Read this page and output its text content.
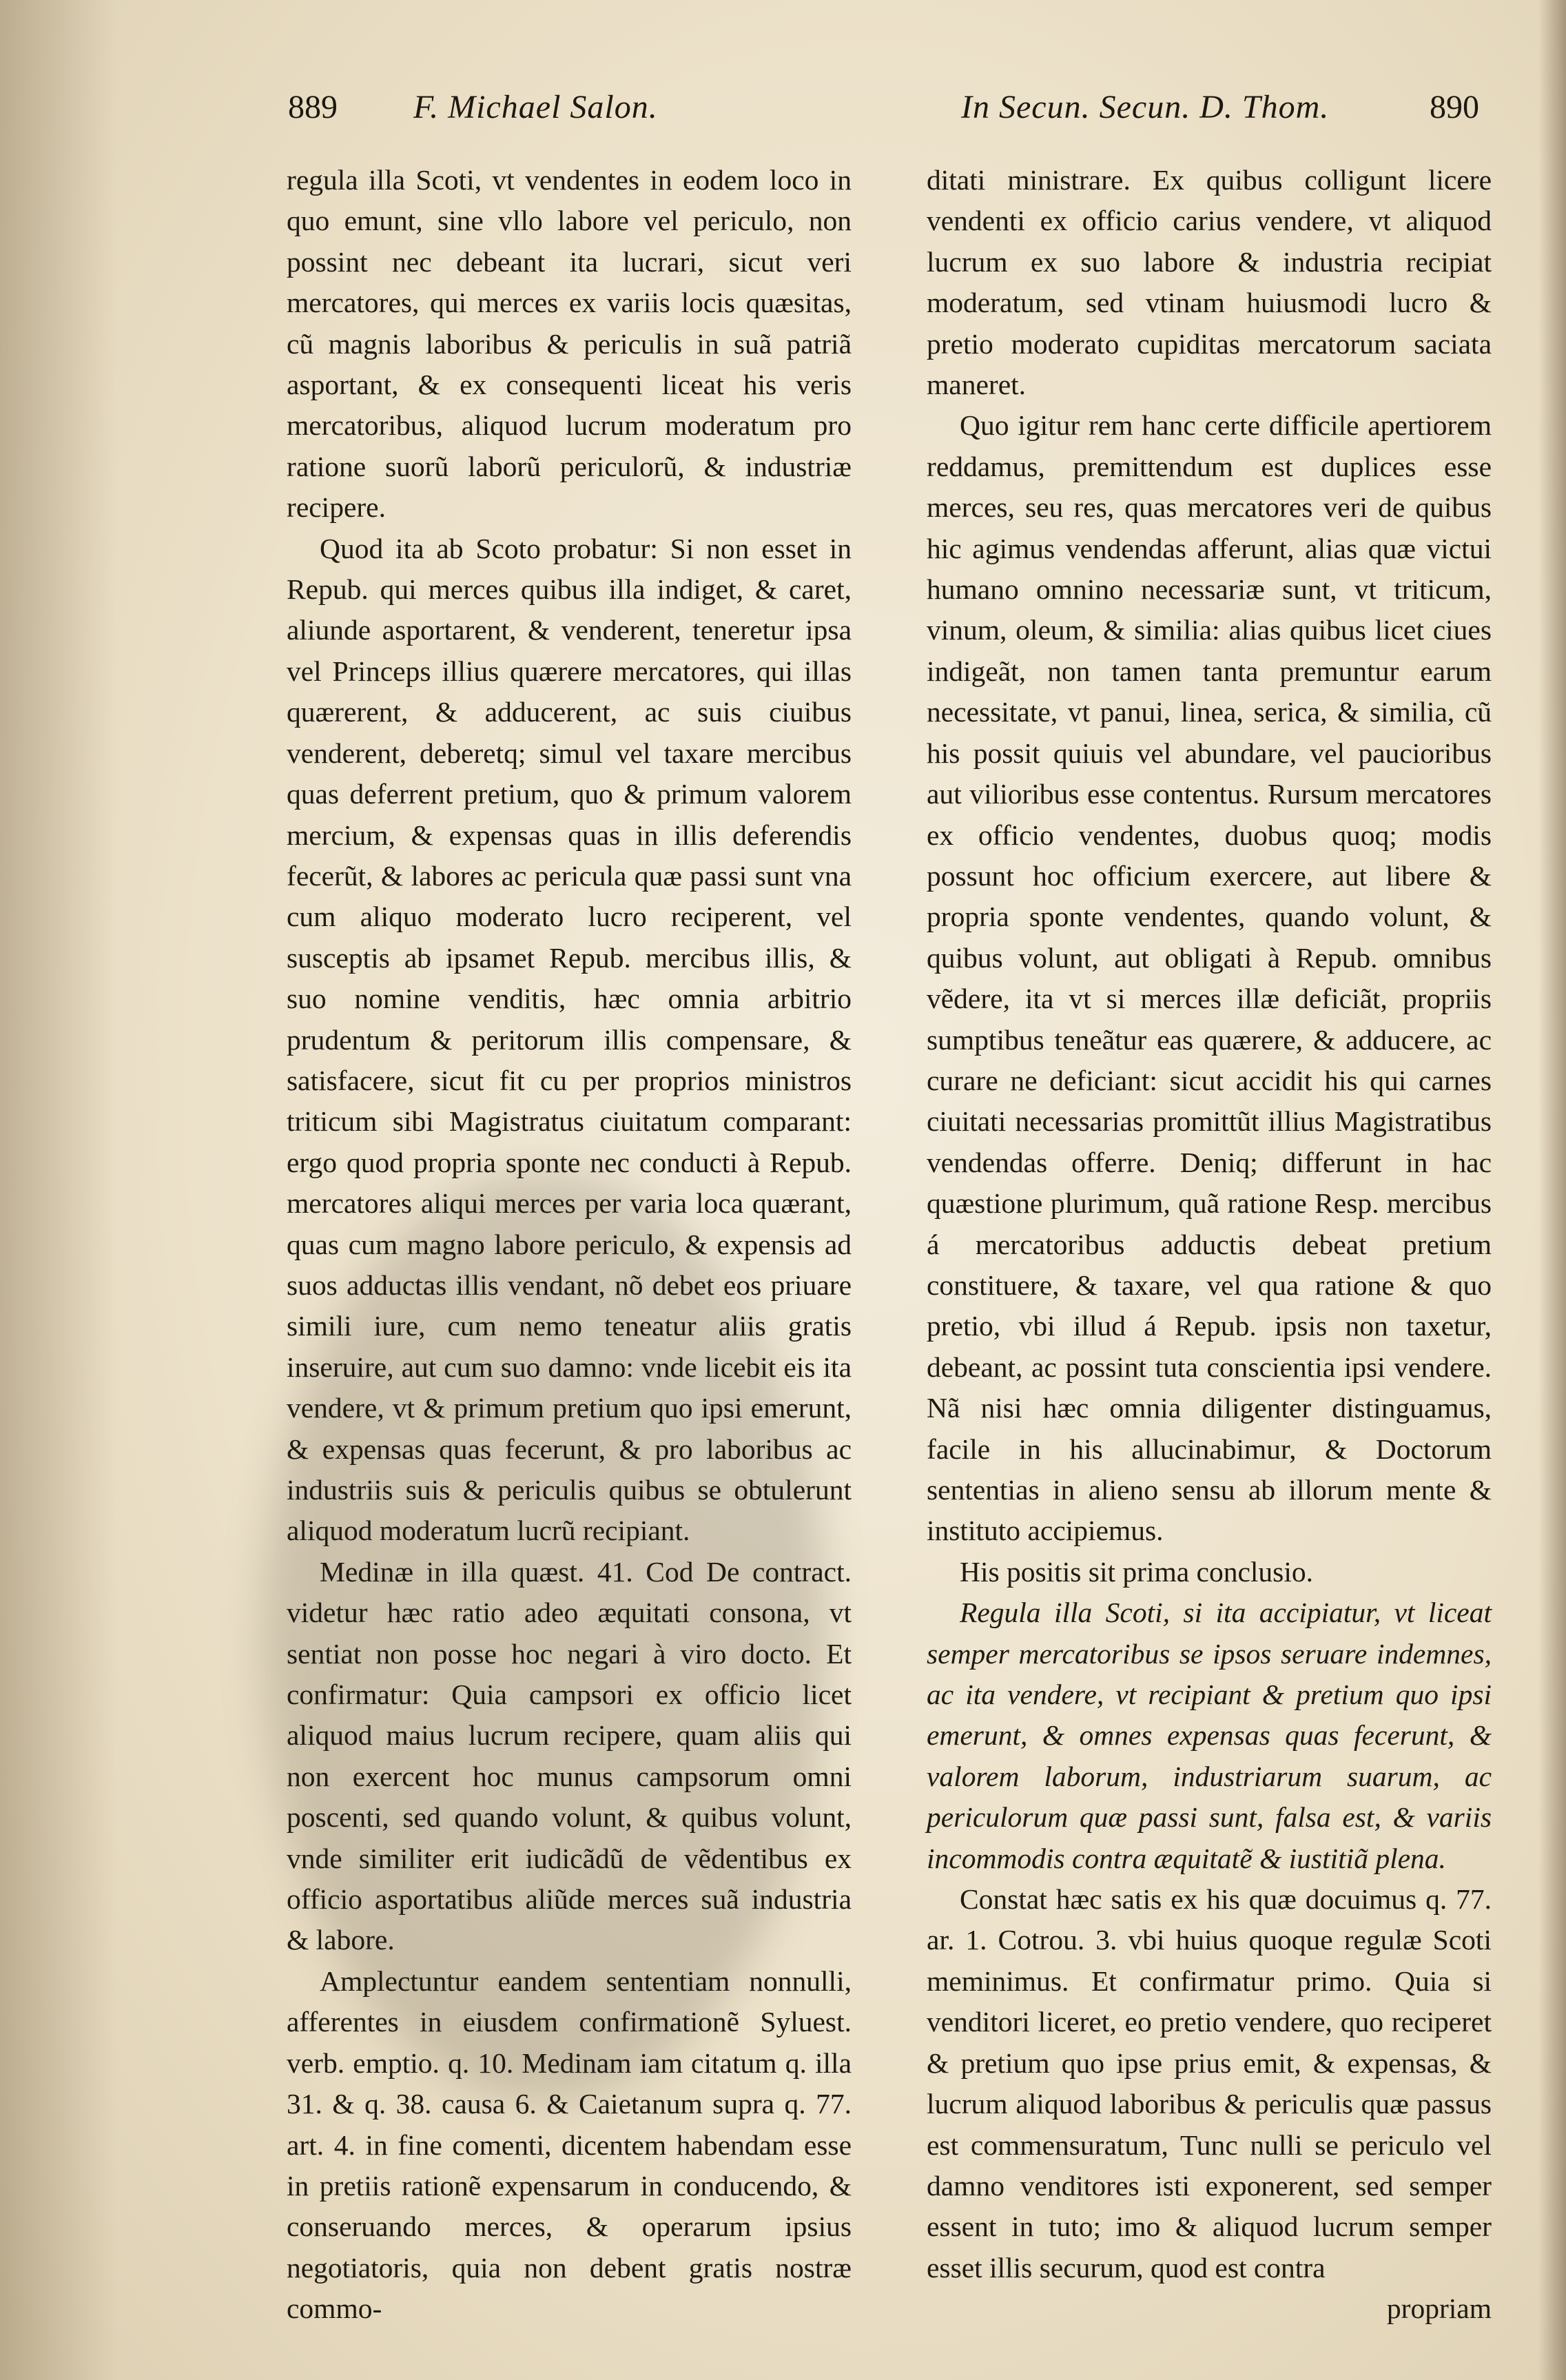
889 F. Michael Salon.	In Secun. Secun. D. Thom.	890

regula illa Scoti, vt vendentes in eodem loco in quo emunt, sine vllo labore vel periculo, non possint nec debeant ita lucrari, sicut veri mercatores, qui merces ex variis locis quæsitas, cũ magnis laboribus & periculis in suã patriã asportant, & ex consequenti liceat his veris mercatoribus, aliquod lucrum moderatum pro ratione suorũ laborũ periculorũ, & industriæ recipere.

Quod ita ab Scoto probatur: Si non esset in Repub. qui merces quibus illa indiget, & caret, aliunde asportarent, & venderent, teneretur ipsa vel Princeps illius quærere mercatores, qui illas quærerent, & adducerent, ac suis ciuibus venderent, deberetq; simul vel taxare mercibus quas deferrent pretium, quo & primum valorem mercium, & expensas quas in illis deferendis fecerũt, & labores ac pericula quæ passi sunt vna cum aliquo moderato lucro reciperent, vel susceptis ab ipsamet Repub. mercibus illis, & suo nomine venditis, hæc omnia arbitrio prudentum & peritorum illis compensare, & satisfacere, sicut fit cu per proprios ministros triticum sibi Magistratus ciuitatum comparant: ergo quod propria sponte nec conducti à Repub. mercatores aliqui merces per varia loca quærant, quas cum magno labore periculo, & expensis ad suos adductas illis vendant, nõ debet eos priuare simili iure, cum nemo teneatur aliis gratis inseruire, aut cum suo damno: vnde licebit eis ita vendere, vt & primum pretium quo ipsi emerunt, & expensas quas fecerunt, & pro laboribus ac industriis suis & periculis quibus se obtulerunt aliquod moderatum lucrũ recipiant.

Medinæ in illa quæst. 41. Cod De contract. videtur hæc ratio adeo æquitati consona, vt sentiat non posse hoc negari à viro docto. Et confirmatur: Quia campsori ex officio licet aliquod maius lucrum recipere, quam aliis qui non exercent hoc munus campsorum omni poscenti, sed quando volunt, & quibus volunt, vnde similiter erit iudicãdũ de vẽdentibus ex officio asportatibus aliũde merces suã industria & labore.

Amplectuntur eandem sententiam nonnulli, afferentes in eiusdem confirmationẽ Syluest. verb. emptio. q. 10. Medinam iam citatum q. illa 31. & q. 38. causa 6. & Caietanum supra q. 77. art. 4. in fine comenti, dicentem habendam esse in pretiis rationẽ expensarum in conducendo, & conseruando merces, & operarum ipsius negotiatoris, quia non debent gratis nostræ commo-

ditati ministrare. Ex quibus colligunt licere vendenti ex officio carius vendere, vt aliquod lucrum ex suo labore & industria recipiat moderatum, sed vtinam huiusmodi lucro & pretio moderato cupiditas mercatorum saciata maneret.

Quo igitur rem hanc certe difficile apertiorem reddamus, premittendum est duplices esse merces, seu res, quas mercatores veri de quibus hic agimus vendendas afferunt, alias quæ victui humano omnino necessariæ sunt, vt triticum, vinum, oleum, & similia: alias quibus licet ciues indigeãt, non tamen tanta premuntur earum necessitate, vt panui, linea, serica, & similia, cũ his possit quiuis vel abundare, vel paucioribus aut vilioribus esse contentus. Rursum mercatores ex officio vendentes, duobus quoq; modis possunt hoc officium exercere, aut libere & propria sponte vendentes, quando volunt, & quibus volunt, aut obligati à Repub. omnibus vẽdere, ita vt si merces illæ deficiãt, propriis sumptibus teneãtur eas quærere, & adducere, ac curare ne deficiant: sicut accidit his qui carnes ciuitati necessarias promittũt illius Magistratibus vendendas offerre. Deniq; differunt in hac quæstione plurimum, quã ratione Resp. mercibus á mercatoribus adductis debeat pretium constituere, & taxare, vel qua ratione & quo pretio, vbi illud á Repub. ipsis non taxetur, debeant, ac possint tuta conscientia ipsi vendere. Nã nisi hæc omnia diligenter distinguamus, facile in his allucinabimur, & Doctorum sententias in alieno sensu ab illorum mente & instituto accipiemus.

His positis sit prima conclusio.

Regula illa Scoti, si ita accipiatur, vt liceat semper mercatoribus se ipsos seruare indemnes, ac ita vendere, vt recipiant & pretium quo ipsi emerunt, & omnes expensas quas fecerunt, & valorem laborum, industriarum suarum, ac periculorum quæ passi sunt, falsa est, & variis incommodis contra æquitatẽ & iustitiã plena.

Constat hæc satis ex his quæ docuimus q. 77. ar. 1. Cotrou. 3. vbi huius quoque regulæ Scoti meminimus. Et confirmatur primo. Quia si venditori liceret, eo pretio vendere, quo reciperet & pretium quo ipse prius emit, & expensas, & lucrum aliquod laboribus & periculis quæ passus est commensuratum, Tunc nulli se periculo vel damno venditores isti exponerent, sed semper essent in tuto; imo & aliquod lucrum semper esset illis securum, quod est contra

propriam
